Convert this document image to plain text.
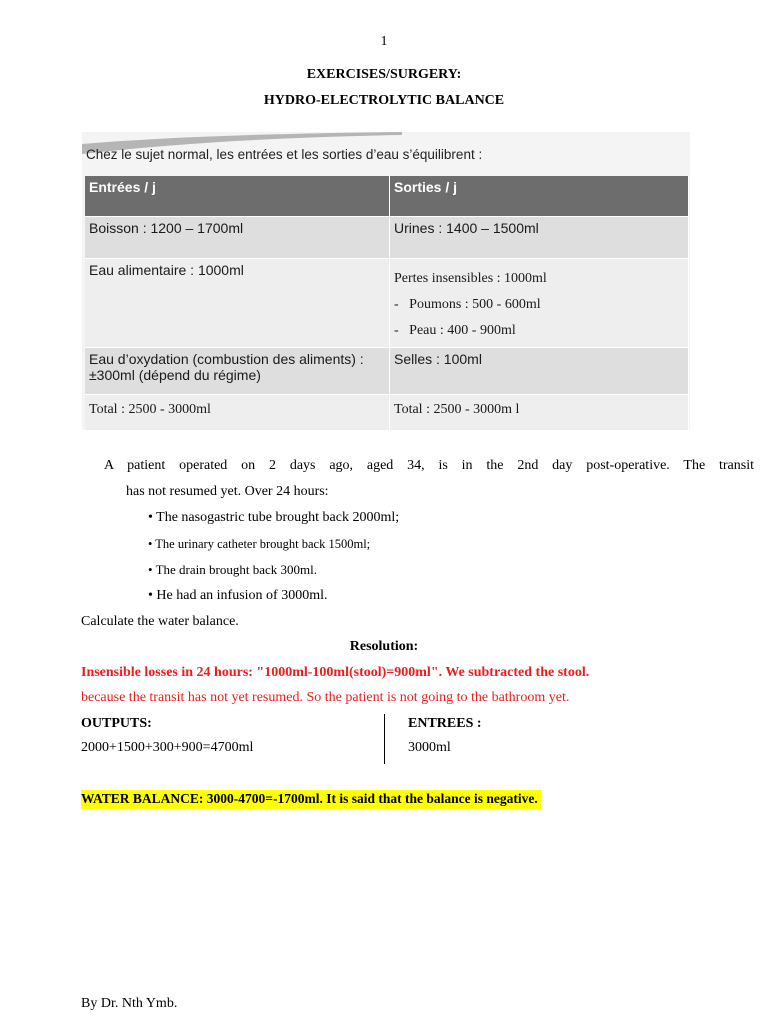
1
EXERCISES/SURGERY:
HYDRO-ELECTROLYTIC BALANCE
Chez le sujet normal, les entrées et les sorties d’eau s’équilibrent :
Entrées / j	Sorties / j
Boisson : 1200 – 1700ml	Urines : 1400 – 1500ml
Eau alimentaire : 1000ml	Pertes insensibles : 1000ml
- Poumons : 500 - 600ml
- Peau : 400 - 900ml

Eau d’oxydation (combustion des aliments) :
±300ml (dépend du régime)	Selles : 100ml
Total : 2500 - 3000ml	Total : 2500 - 3000m l
A patient operated on 2 days ago, aged 34, is in the 2nd day post-operative. The transit
has not resumed yet. Over 24 hours:
• The nasogastric tube brought back 2000ml;
• The urinary catheter brought back 1500ml;
• The drain brought back 300ml.
• He had an infusion of 3000ml.
Calculate the water balance.
Resolution:
Insensible losses in 24 hours: "1000ml-100ml(stool)=900ml". We subtracted the stool.
because the transit has not yet resumed. So the patient is not going to the bathroom yet.
OUTPUTS:
2000+1500+300+900=4700ml
ENTREES :
3000ml
WATER BALANCE: 3000-4700=-1700ml. It is said that the balance is negative.
By Dr. Nth Ymb.
